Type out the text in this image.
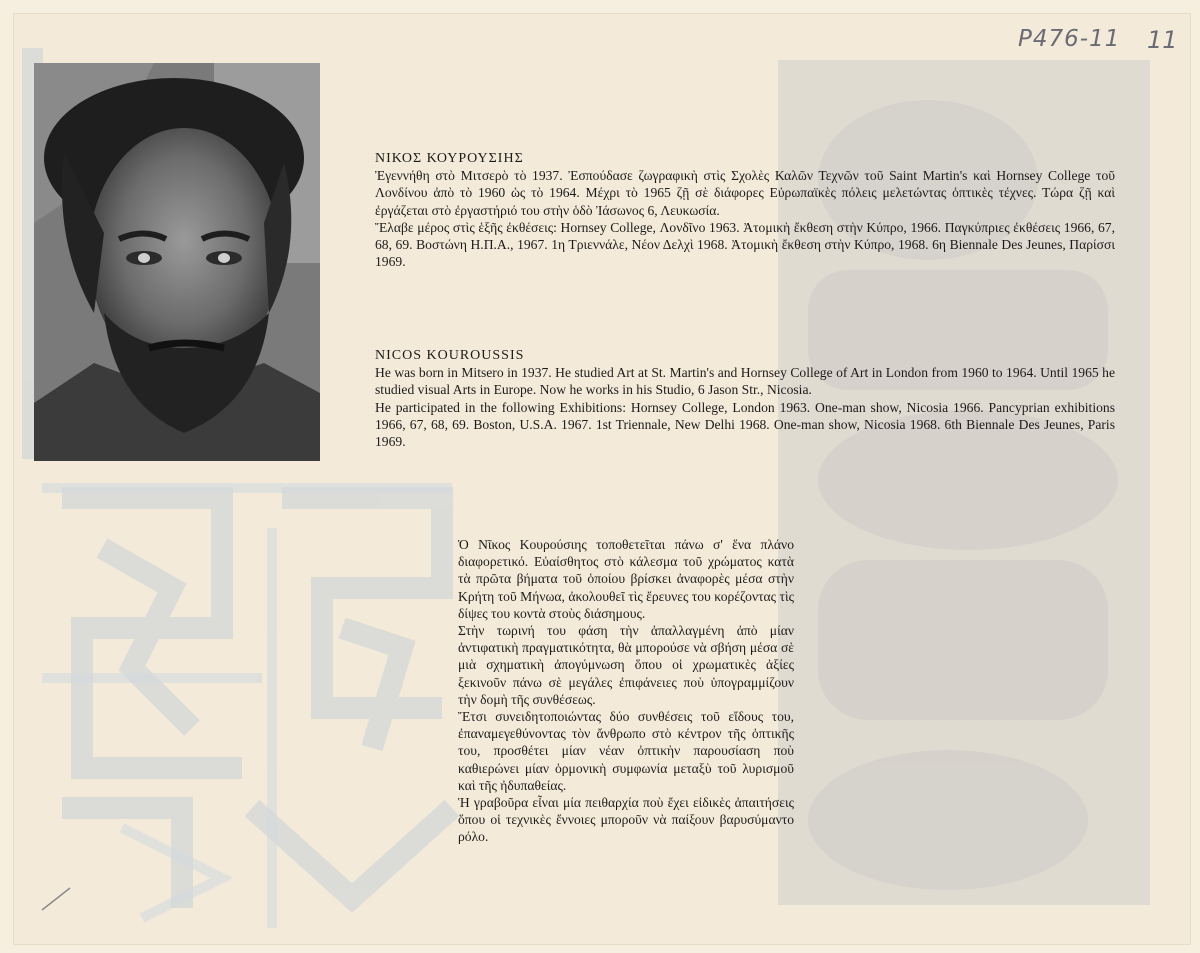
P476-11 11
ΝΙΚΟΣ ΚΟΥΡΟΥΣΙΗΣ

Ἐγεννήθη στὸ Μιτσερὸ τὸ 1937. Ἐσπούδασε ζωγραφικὴ στὶς Σχολὲς Καλῶν Τεχνῶν τοῦ Saint Martin's καὶ Hornsey College τοῦ Λονδίνου ἀπὸ τὸ 1960 ὡς τὸ 1964. Μέχρι τὸ 1965 ζῇ σὲ διάφορες Εὐρωπαϊκὲς πόλεις μελετώντας ὀπτικὲς τέχνες. Τώρα ζῇ καὶ ἐργάζεται στὸ ἐργαστήριό του στὴν ὁδὸ Ἰάσωνος 6, Λευκωσία.

Ἔλαβε μέρος στὶς ἑξῆς ἐκθέσεις: Hornsey College, Λονδῖνο 1963. Ἀτομικὴ ἔκθεση στὴν Κύπρο, 1966. Παγκύπριες ἐκθέσεις 1966, 67, 68, 69. Βοστώνη Η.Π.Α., 1967. 1η Τριεννάλε, Νέον Δελχὶ 1968. Ἀτομικὴ ἔκθεση στὴν Κύπρο, 1968. 6η Biennale Des Jeunes, Παρίσσι 1969.

NICOS KOUROUSSIS

He was born in Mitsero in 1937. He studied Art at St. Martin's and Hornsey College of Art in London from 1960 to 1964. Until 1965 he studied visual Arts in Europe. Now he works in his Studio, 6 Jason Str., Nicosia.

He participated in the following Exhibitions: Hornsey College, London 1963. One-man show, Nicosia 1966. Pancyprian exhibitions 1966, 67, 68, 69. Boston, U.S.A. 1967. 1st Triennale, New Delhi 1968. One-man show, Nicosia 1968. 6th Biennale Des Jeunes, Paris 1969.

Ὁ Νῖκος Κουρούσιης τοποθετεῖται πάνω σ' ἕνα πλάνο διαφορετικό. Εὐαίσθητος στὸ κάλεσμα τοῦ χρώματος κατὰ τὰ πρῶτα βήματα τοῦ ὁποίου βρίσκει ἀναφορὲς μέσα στὴν Κρήτη τοῦ Μήνωα, ἀκολουθεῖ τὶς ἔρευνες του κορέζοντας τὶς δίψες του κοντὰ στοὺς διάσημους.

Στὴν τωρινή του φάση τὴν ἀπαλλαγμένη ἀπὸ μίαν ἀντιφατικὴ πραγματικότητα, θὰ μπορούσε νὰ σβήση μέσα σὲ μιὰ σχηματικὴ ἀπογύμνωση ὅπου οἱ χρωματικὲς ἀξίες ξεκινοῦν πάνω σὲ μεγάλες ἐπιφάνειες ποὺ ὑπογραμμίζουν τὴν δομὴ τῆς συνθέσεως.

Ἔτσι συνειδητοποιώντας δύο συνθέσεις τοῦ εἴδους του, ἐπαναμεγεθύνοντας τὸν ἄνθρωπο στὸ κέντρον τῆς ὀπτικῆς του, προσθέτει μίαν νέαν ὀπτικὴν παρουσίαση ποὺ καθιερώνει μίαν ὁρμονικὴ συμφωνία μεταξὺ τοῦ λυρισμοῦ καὶ τῆς ἠδυπαθείας.

Ἡ γραβοῦρα εἶναι μία πειθαρχία ποὺ ἔχει εἰδικὲς ἀπαιτήσεις ὅπου οἱ τεχνικὲς ἔννοιες μποροῦν νὰ παίξουν βαρυσύμαντο ρόλο.
